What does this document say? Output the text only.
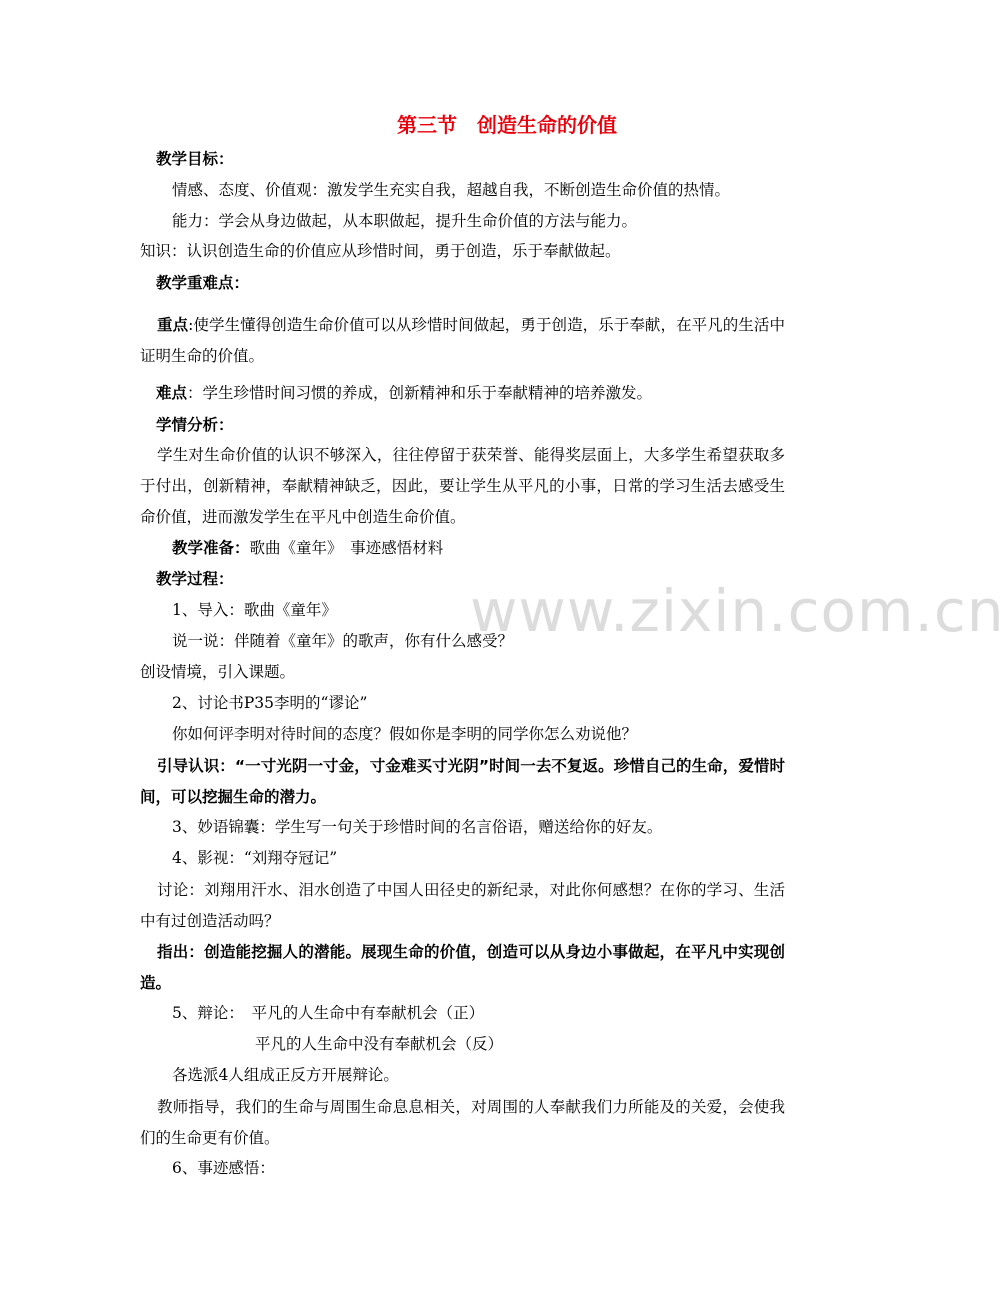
www.zixin.com.cn
第三节　创造生命的价值
教学目标：
情感、态度、价值观：激发学生充实自我，超越自我，不断创造生命价值的热情。
能力：学会从身边做起，从本职做起，提升生命价值的方法与能力。
知识：认识创造生命的价值应从珍惜时间，勇于创造，乐于奉献做起。
教学重难点：
重点:使学生懂得创造生命价值可以从珍惜时间做起，勇于创造，乐于奉献，在平凡的生活中证明生命的价值。
难点：学生珍惜时间习惯的养成，创新精神和乐于奉献精神的培养激发。
学情分析：
学生对生命价值的认识不够深入，往往停留于获荣誉、能得奖层面上，大多学生希望获取多于付出，创新精神，奉献精神缺乏，因此，要让学生从平凡的小事，日常的学习生活去感受生命价值，进而激发学生在平凡中创造生命价值。
教学准备：歌曲《童年》　事迹感悟材料
教学过程：
1、导入：歌曲《童年》
说一说：伴随着《童年》的歌声，你有什么感受？
创设情境，引入课题。
2、讨论书P35李明的“谬论”
你如何评李明对待时间的态度？假如你是李明的同学你怎么劝说他？
引导认识：“一寸光阴一寸金，寸金难买寸光阴”时间一去不复返。珍惜自己的生命，爱惜时间，可以挖掘生命的潜力。
3、妙语锦囊：学生写一句关于珍惜时间的名言俗语，赠送给你的好友。
4、影视：“刘翔夺冠记”
讨论：刘翔用汗水、泪水创造了中国人田径史的新纪录，对此你何感想？在你的学习、生活中有过创造活动吗？
指出：创造能挖掘人的潜能。展现生命的价值，创造可以从身边小事做起，在平凡中实现创造。
5、辩论：　平凡的人生命中有奉献机会（正）
平凡的人生命中没有奉献机会（反）
各选派4人组成正反方开展辩论。
教师指导，我们的生命与周围生命息息相关，对周围的人奉献我们力所能及的关爱，会使我们的生命更有价值。
6、事迹感悟：
